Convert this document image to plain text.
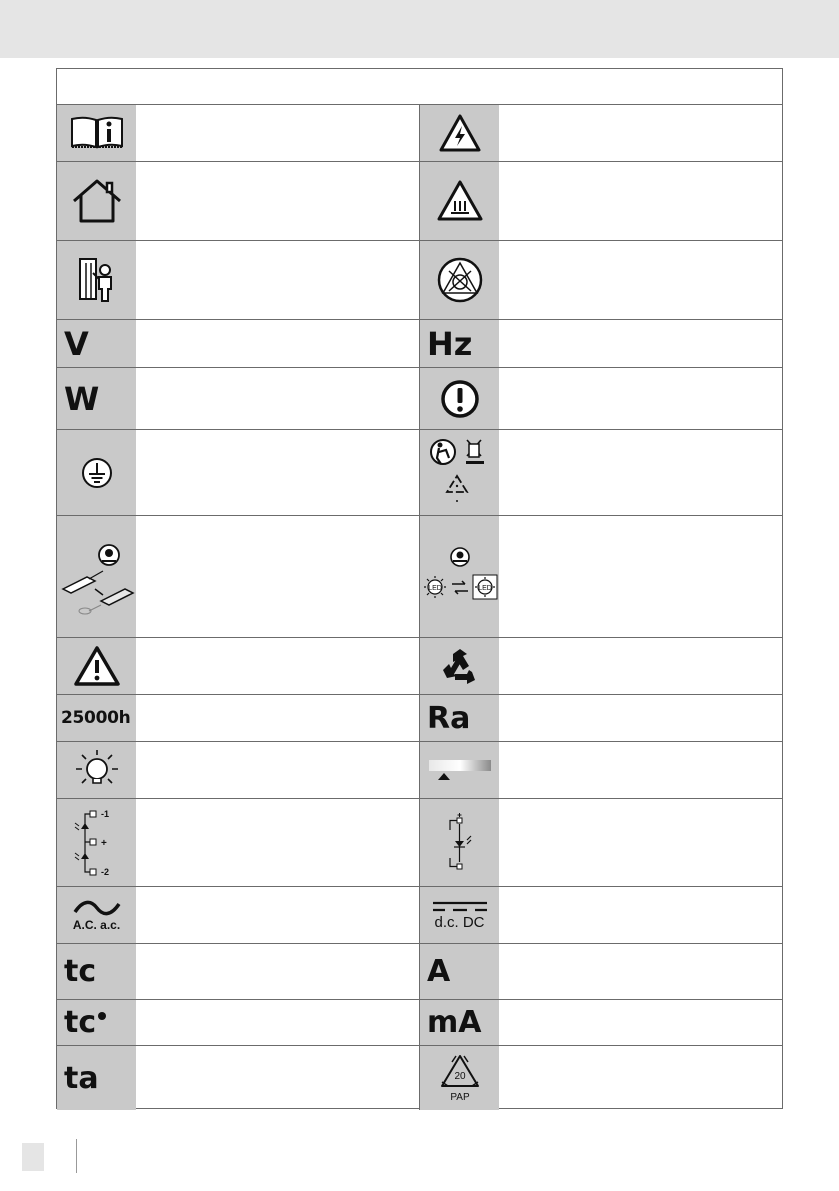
V	Hz
W
LED	LED
25000h	Ra
-1
+
-2
A.C. a.c.	d.c. DC
tc	A
tc	mA
ta	20
PAP
